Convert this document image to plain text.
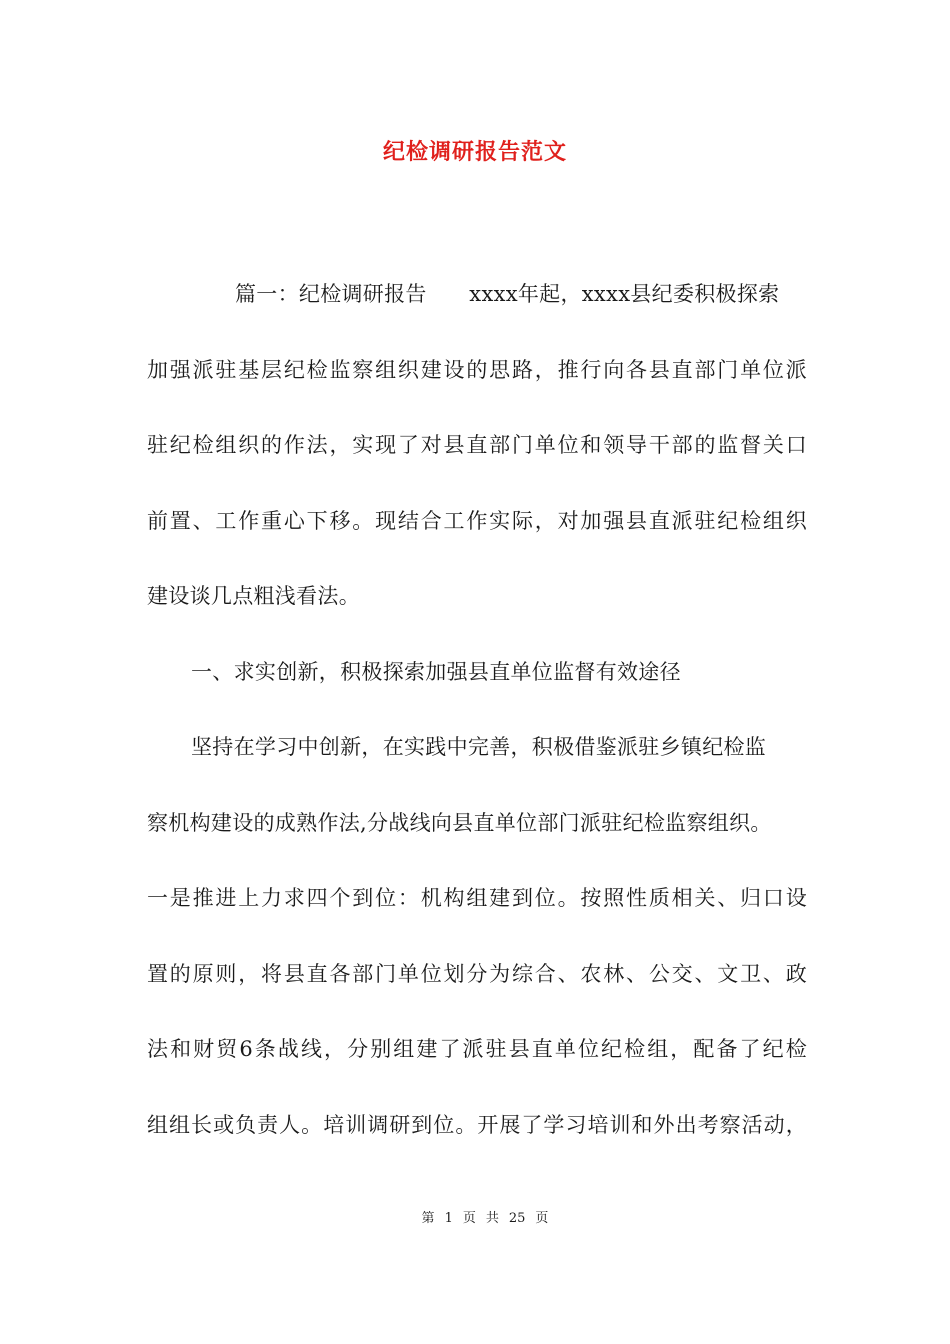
纪检调研报告范文
篇一：纪检调研报告　　xxxx年起，xxxx县纪委积极探索
加强派驻基层纪检监察组织建设的思路，推行向各县直部门单位派
驻纪检组织的作法，实现了对县直部门单位和领导干部的监督关口
前置、工作重心下移。现结合工作实际，对加强县直派驻纪检组织
建设谈几点粗浅看法。
一、求实创新，积极探索加强县直单位监督有效途径
坚持在学习中创新，在实践中完善，积极借鉴派驻乡镇纪检监
察机构建设的成熟作法,分战线向县直单位部门派驻纪检监察组织。
一是推进上力求四个到位：机构组建到位。按照性质相关、归口设
置的原则，将县直各部门单位划分为综合、农林、公交、文卫、政
法和财贸6条战线，分别组建了派驻县直单位纪检组，配备了纪检
组组长或负责人。培训调研到位。开展了学习培训和外出考察活动，
第 1 页 共 25 页
